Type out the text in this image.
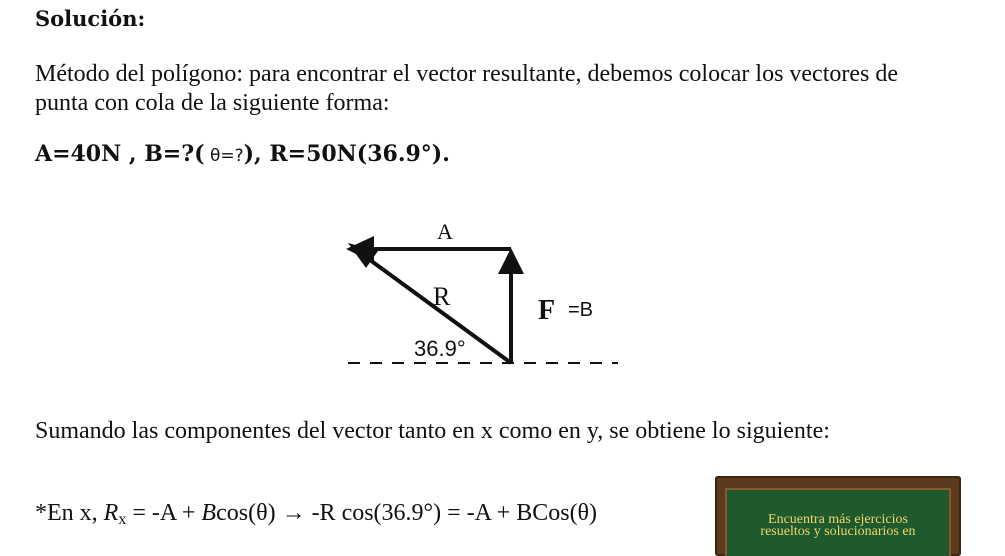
Solución:

Método del polígono: para encontrar el vector resultante, debemos colocar los vectores de punta con cola de la siguiente forma:

A=40N , B=?( θ=?), R=50N(36.9°).

A
R	F =B
36.9°

Sumando las componentes del vector tanto en x como en y, se obtiene lo siguiente:

*En x, $R_x = -A + Bcos(\theta) \to -R$ cos(36.9°) = -A + BCos(θ)	Encuentra más ejercicios
resueltos y solucionarios en
